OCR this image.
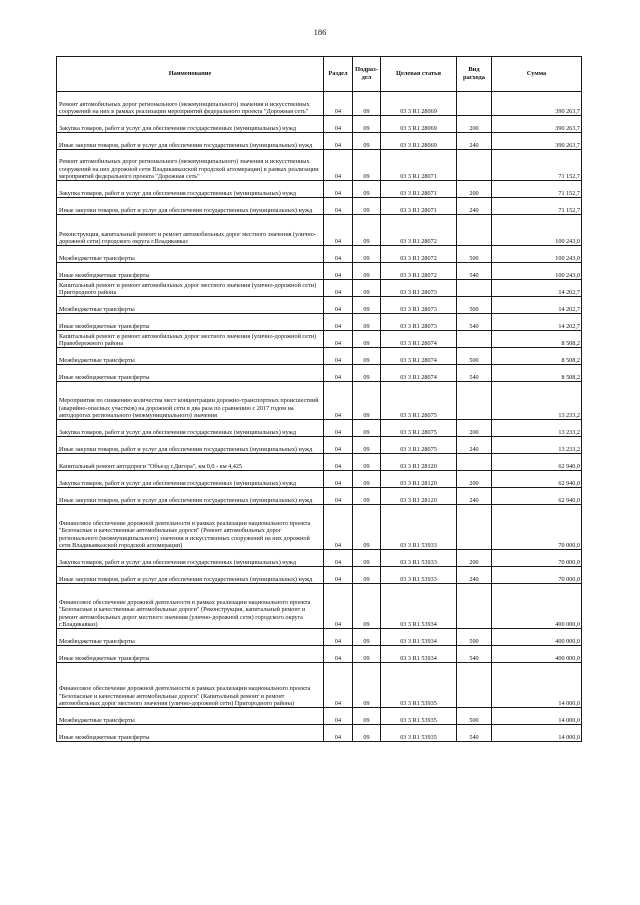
186
Наименование	Раздел	Подраз-дел	Целевая статья	Вид расхода	Сумма
Ремонт автомобильных дорог регионального (межмуниципального) значения и искусственных сооружений на них в рамках реализации мероприятий федерального проекта "Дорожная сеть"	04	09	03 3 R1 28069		390 263,7
Закупка товаров, работ и услуг для обеспечения государственных (муниципальных) нужд	04	09	03 3 R1 28069	200	390 263,7
Иные закупки товаров, работ и услуг для обеспечения государственных (муниципальных) нужд	04	09	03 3 R1 28069	240	390 263,7
Ремонт автомобильных дорог регионального (межмуниципального) значения и искусственных сооружений на них дорожной сети Владикавказской городской агломерации) в рамках реализации мероприятий федерального проекта "Дорожная сеть"	04	09	03 3 R1 28071		71 152,7
Закупка товаров, работ и услуг для обеспечения государственных (муниципальных) нужд	04	09	03 3 R1 28071	200	71 152,7
Иные закупки товаров, работ и услуг для обеспечения государственных (муниципальных) нужд	04	09	03 3 R1 28071	240	71 152,7
Реконструкция, капитальный ремонт и ремонт автомобильных дорог местного значения (улично-дорожной сети) городского округа г.Владикавказ	04	09	03 3 R1 28072		100 243,0
Межбюджетные трансферты	04	09	03 3 R1 28072	500	100 243,0
Иные межбюджетные трансферты	04	09	03 3 R1 28072	540	100 243,0
Капитальный ремонт и ремонт автомобильных дорог местного значения (улично-дорожной сети) Пригородного района	04	09	03 3 R1 28073		14 202,7
Межбюджетные трансферты	04	09	03 3 R1 28073	500	14 202,7
Иные межбюджетные трансферты	04	09	03 3 R1 28073	540	14 202,7
Капитальный ремонт и ремонт автомобильных дорог местного значения (улично-дорожной сети) Правобережного района	04	09	03 3 R1 28074		8 508,2
Межбюджетные трансферты	04	09	03 3 R1 28074	500	8 508,2
Иные межбюджетные трансферты	04	09	03 3 R1 28074	540	8 508,2
Мероприятия по снижению количества мест концентрации дорожно-транспортных происшествий (аварийно-опасных участков) на дорожной сети в два раза по сравнению с 2017 годом на автодорогах регионального (межмуниципального) значения	04	09	03 3 R1 28075		13 233,2
Закупка товаров, работ и услуг для обеспечения государственных (муниципальных) нужд	04	09	03 3 R1 28075	200	13 233,2
Иные закупки товаров, работ и услуг для обеспечения государственных (муниципальных) нужд	04	09	03 3 R1 28075	240	13 233,2
Капитальный ремонт автодороги "Объезд г.Дигора", км 0,0 - км 4,425	04	09	03 3 R1 28120		62 940,0
Закупка товаров, работ и услуг для обеспечения государственных (муниципальных) нужд	04	09	03 3 R1 28120	200	62 940,0
Иные закупки товаров, работ и услуг для обеспечения государственных (муниципальных) нужд	04	09	03 3 R1 28120	240	62 940,0
Финансовое обеспечение дорожной деятельности в рамках реализации национального проекта "Безопасные и качественные автомобильные дороги" (Ремонт автомобильных дорог регионального (межмуниципального) значения и искусственных сооружений на них дорожной сети Владикавказской городской агломерации)	04	09	03 3 R1 53933		70 000,0
Закупка товаров, работ и услуг для обеспечения государственных (муниципальных) нужд	04	09	03 3 R1 53933	200	70 000,0
Иные закупки товаров, работ и услуг для обеспечения государственных (муниципальных) нужд	04	09	03 3 R1 53933	240	70 000,0
Финансовое обеспечение дорожной деятельности в рамках реализации национального проекта "Безопасные и качественные автомобильные дороги" (Реконструкция, капитальный ремонт и ремонт автомобильных дорог местного значения (улично-дорожной сети) городского округа г.Владикавказ)	04	09	03 3 R1 53934		400 000,0
Межбюджетные трансферты	04	09	03 3 R1 53934	500	400 000,0
Иные межбюджетные трансферты	04	09	03 3 R1 53934	540	400 000,0
Финансовое обеспечение дорожной деятельности в рамках реализации национального проекта "Безопасные и качественные автомобильные дороги" (Капитальный ремонт и ремонт автомобильных дорог местного значения (улично-дорожной сети) Пригородного района)	04	09	03 3 R1 53935		14 000,0
Межбюджетные трансферты	04	09	03 3 R1 53935	500	14 000,0
Иные межбюджетные трансферты	04	09	03 3 R1 53935	540	14 000,0
